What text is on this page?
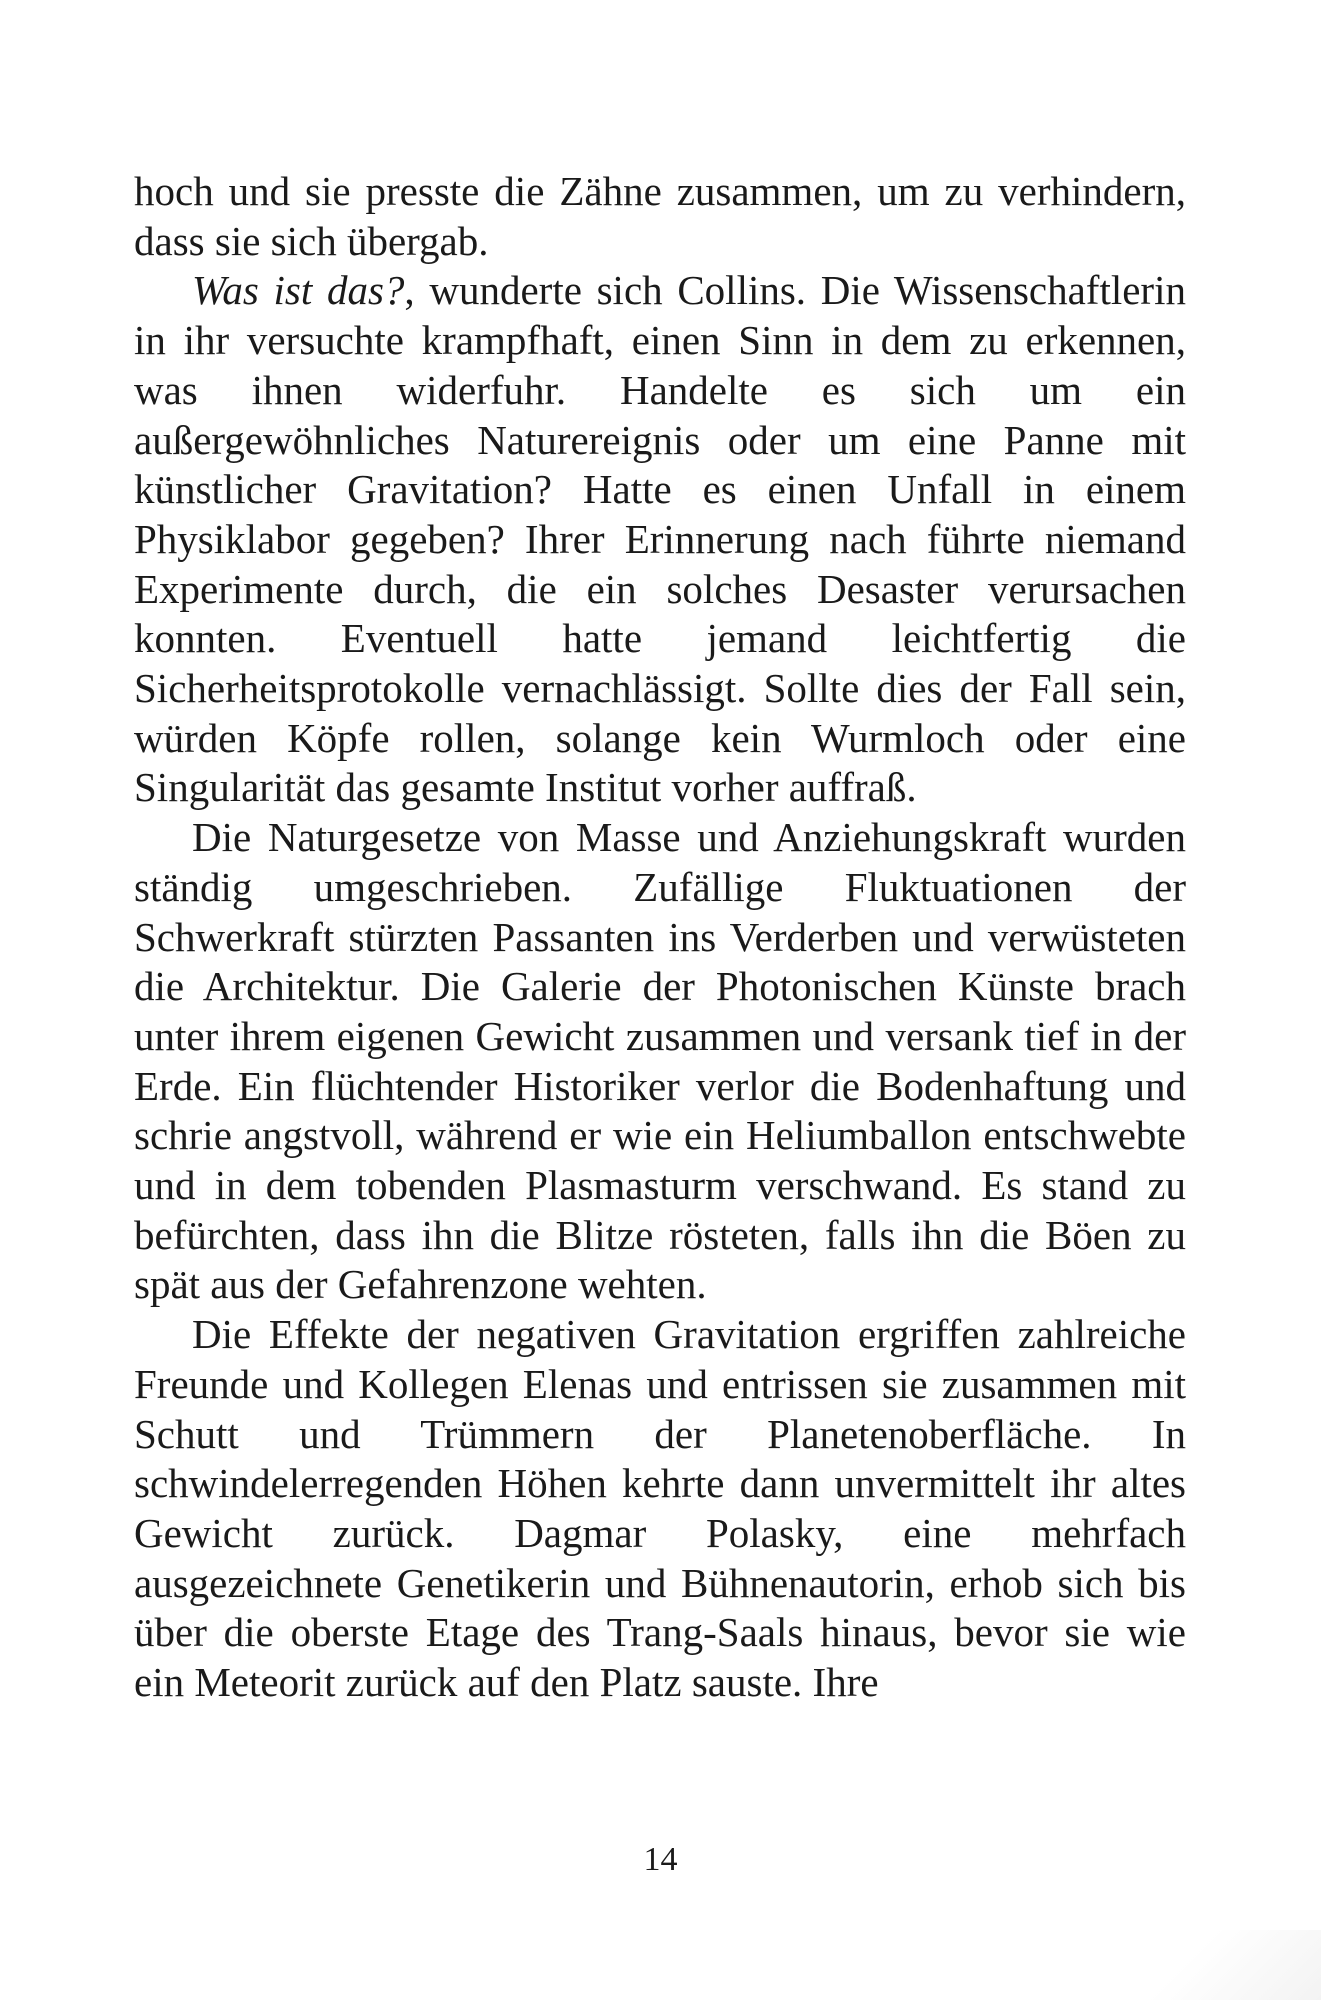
hoch und sie presste die Zähne zusammen, um zu verhindern, dass sie sich übergab.

Was ist das?, wunderte sich Collins. Die Wissenschaftlerin in ihr versuchte krampfhaft, einen Sinn in dem zu erkennen, was ihnen widerfuhr. Handelte es sich um ein außergewöhnliches Naturereignis oder um eine Panne mit künstlicher Gravitation? Hatte es einen Unfall in einem Physiklabor gegeben? Ihrer Erinnerung nach führte niemand Experimente durch, die ein solches Desaster verursachen konnten. Eventuell hatte jemand leichtfertig die Sicherheitsprotokolle vernachlässigt. Sollte dies der Fall sein, würden Köpfe rollen, solange kein Wurmloch oder eine Singularität das gesamte Institut vorher auffraß.

Die Naturgesetze von Masse und Anziehungskraft wurden ständig umgeschrieben. Zufällige Fluktuationen der Schwerkraft stürzten Passanten ins Verderben und verwüsteten die Architektur. Die Galerie der Photonischen Künste brach unter ihrem eigenen Gewicht zusammen und versank tief in der Erde. Ein flüchtender Historiker verlor die Bodenhaftung und schrie angstvoll, während er wie ein Heliumballon entschwebte und in dem tobenden Plasmasturm verschwand. Es stand zu befürchten, dass ihn die Blitze rösteten, falls ihn die Böen zu spät aus der Gefahrenzone wehten.

Die Effekte der negativen Gravitation ergriffen zahlreiche Freunde und Kollegen Elenas und entrissen sie zusammen mit Schutt und Trümmern der Planetenoberfläche. In schwindelerregenden Höhen kehrte dann unvermittelt ihr altes Gewicht zurück. Dagmar Polasky, eine mehrfach ausgezeichnete Genetikerin und Bühnenautorin, erhob sich bis über die oberste Etage des Trang-Saals hinaus, bevor sie wie ein Meteorit zurück auf den Platz sauste. Ihre

14
